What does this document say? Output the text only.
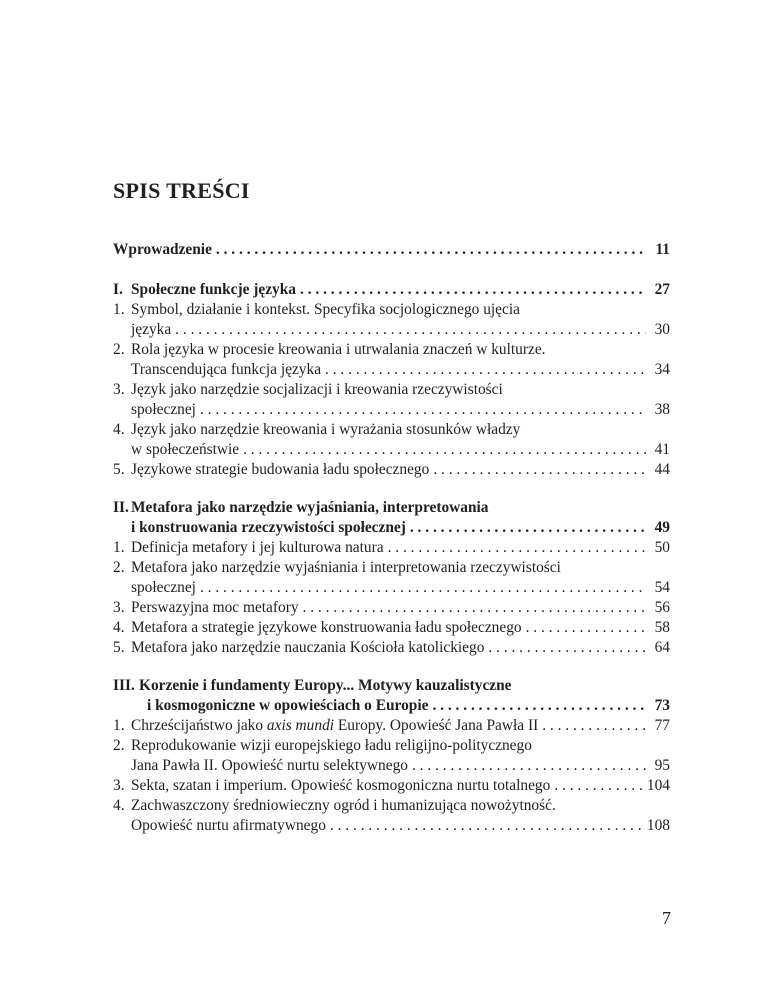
SPIS TREŚCI
Wprowadzenie . . .	11
I. Społeczne funkcje języka . . .	27
1. Symbol, działanie i kontekst. Specyfika socjologicznego ujęcia
języka . . .	30
2. Rola języka w procesie kreowania i utrwalania znaczeń w kulturze.
Transcendująca funkcja języka . . .	34
3. Język jako narzędzie socjalizacji i kreowania rzeczywistości
społecznej . . .	38
4. Język jako narzędzie kreowania i wyrażania stosunków władzy
w społeczeństwie . . .	41
5. Językowe strategie budowania ładu społecznego . . .	44
II. Metafora jako narzędzie wyjaśniania, interpretowania
i konstruowania rzeczywistości społecznej . . .	49
1. Definicja metafory i jej kulturowa natura . . .	50
2. Metafora jako narzędzie wyjaśniania i interpretowania rzeczywistości
społecznej . . .	54
3. Perswazyjna moc metafory . . .	56
4. Metafora a strategie językowe konstruowania ładu społecznego . . .	58
5. Metafora jako narzędzie nauczania Kościoła katolickiego . . .	64
III. Korzenie i fundamenty Europy... Motywy kauzalistyczne
i kosmogoniczne w opowieściach o Europie . . .	73
1. Chrześcijaństwo jako axis mundi Europy. Opowieść Jana Pawła II . . .	77
2. Reprodukowanie wizji europejskiego ładu religijno-politycznego
Jana Pawła II. Opowieść nurtu selektywnego . . .	95
3. Sekta, szatan i imperium. Opowieść kosmogoniczna nurtu totalnego . . .	104
4. Zachwaszczony średniowieczny ogród i humanizująca nowożytność.
Opowieść nurtu afirmatywnego . . .	108
7
